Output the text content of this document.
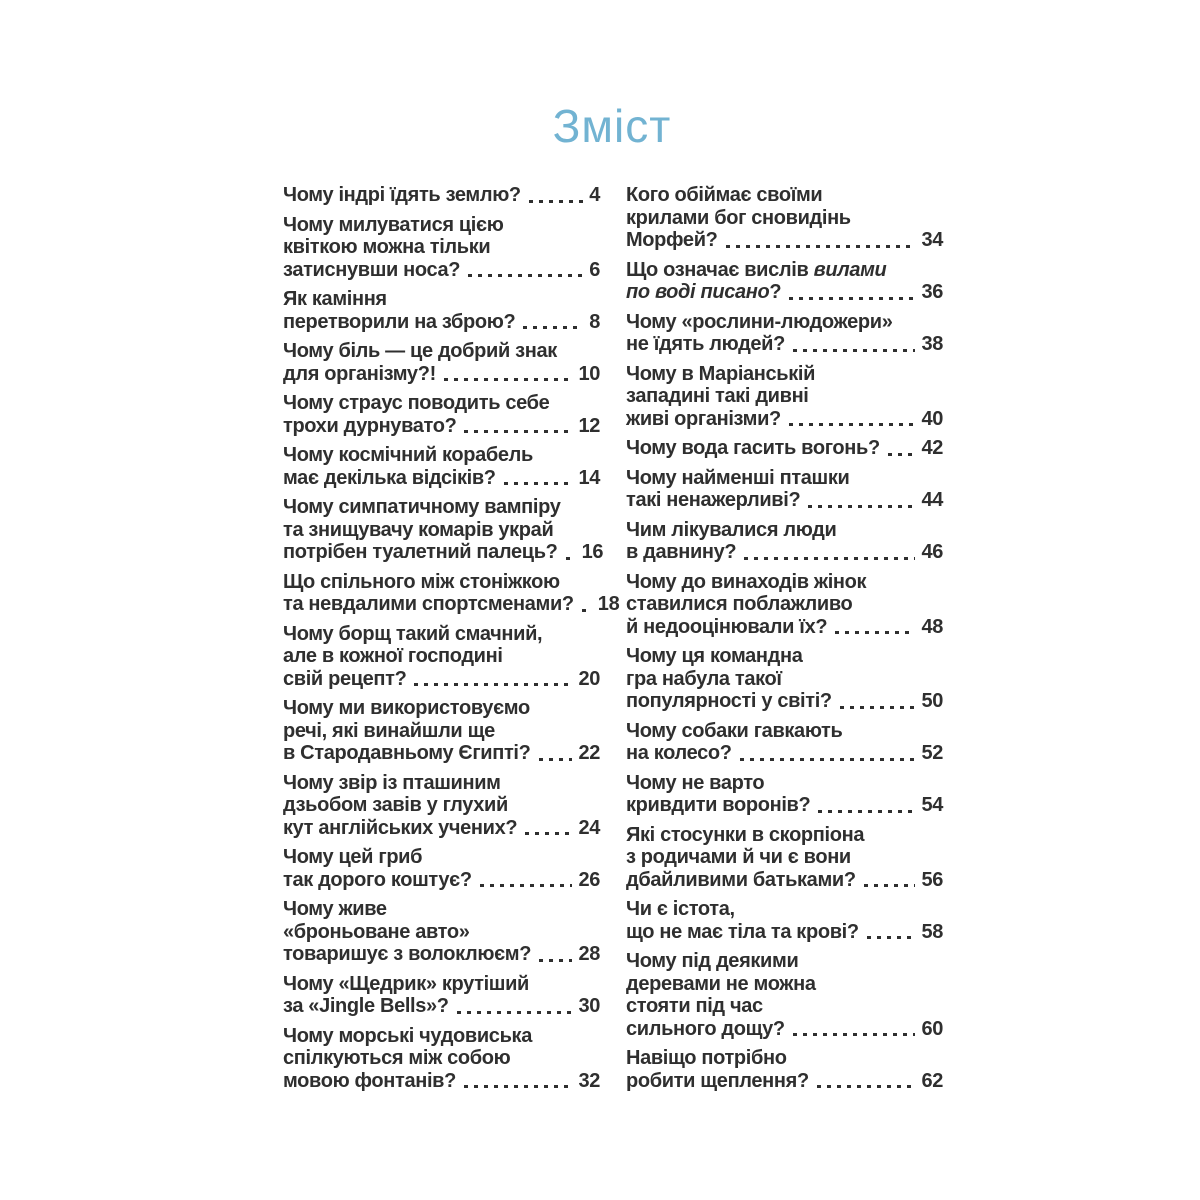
Зміст
Чому індрі їдять землю?	4
Чому милуватися цією
квіткою можна тільки
затиснувши носа?	6
Як каміння
перетворили на зброю?	8
Чому біль — це добрий знак
для організму?!	10
Чому страус поводить себе
трохи дурнувато?	12
Чому космічний корабель
має декілька відсіків?	14
Чому симпатичному вампіру
та знищувачу комарів украй
потрібен туалетний палець? 16
Що спільного між стоніжкою
та невдалими спортсменами? 18
Чому борщ такий смачний,
але в кожної господині
свій рецепт?	20
Чому ми використовуємо
речі, які винайшли ще
в Стародавньому Єгипті? 22
Чому звір із пташиним
дзьобом завів у глухий
кут англійських учених?	24
Чому цей гриб
так дорого коштує?	26
Чому живе
«броньоване авто»
товаришує з волоклюєм? 28
Чому «Щедрик» крутіший
за «Jingle Bells»?	30
Чому морські чудовиська
спілкуються між собою
мовою фонтанів?	32
Кого обіймає своїми
крилами бог сновидінь
Морфей?	34
Що означає вислів вилами
по воді писано?	36
Чому «рослини-людожери»
не їдять людей?	38
Чому в Маріанській
западині такі дивні
живі організми?	40
Чому вода гасить вогонь? 42
Чому найменші пташки
такі ненажерливі?	44
Чим лікувалися люди
в давнину?	46
Чому до винаходів жінок
ставилися поблажливо
й недооцінювали їх?	48
Чому ця командна
гра набула такої
популярності у світі?	50
Чому собаки гавкають
на колесо?	52
Чому не варто
кривдити воронів?	54
Які стосунки в скорпіона
з родичами й чи є вони
дбайливими батьками?	56
Чи є істота,
що не має тіла та крові?	58
Чому під деякими
деревами не можна
стояти під час
сильного дощу?	60
Навіщо потрібно
робити щеплення?	62
